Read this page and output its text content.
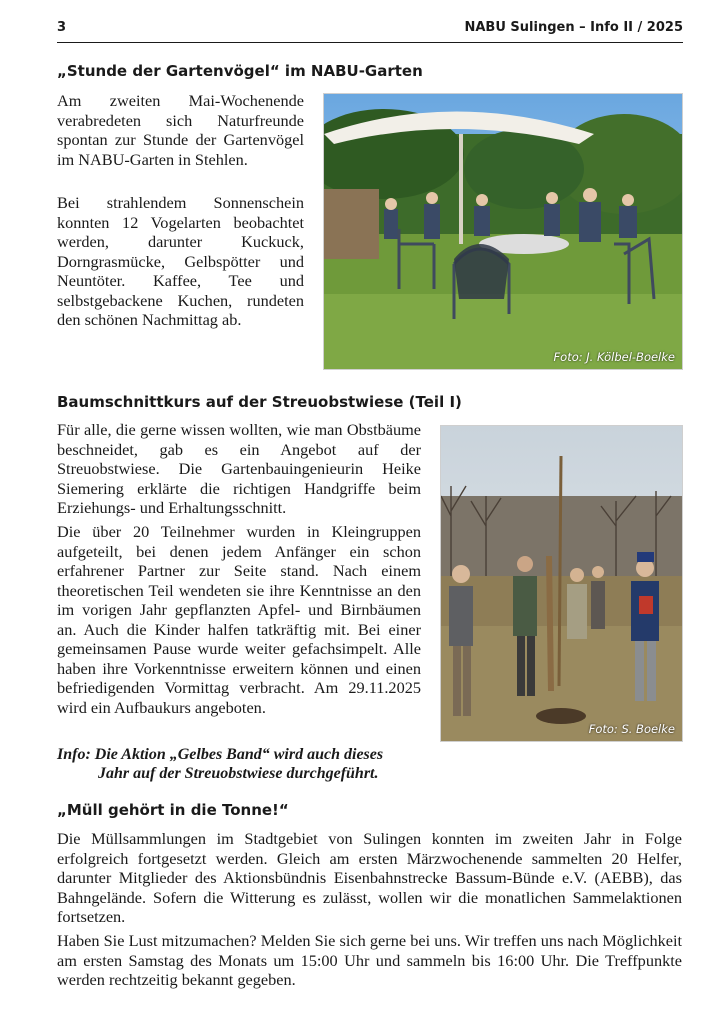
3	NABU Sulingen – Info II / 2025
„Stunde der Gartenvögel“ im NABU-Garten

Am zweiten Mai-Wochenende verabredeten sich Naturfreunde spontan zur Stunde der Gartenvögel im NABU-Garten in Stehlen.

Bei strahlendem Sonnenschein konnten 12 Vogelarten beobachtet werden, darunter Kuckuck, Dorngrasmücke, Gelbspötter und Neuntöter. Kaffee, Tee und selbstgebackene Kuchen, rundeten den schönen Nachmittag ab.

Foto: J. Kölbel-Boelke
Baumschnittkurs auf der Streuobstwiese (Teil I)

Für alle, die gerne wissen wollten, wie man Obstbäume beschneidet, gab es ein Angebot auf der Streuobstwiese. Die Gartenbauingenieurin Heike Siemering erklärte die richtigen Handgriffe beim Erziehungs- und Erhaltungsschnitt.

Die über 20 Teilnehmer wurden in Kleingruppen aufgeteilt, bei denen jedem Anfänger ein schon erfahrener Partner zur Seite stand. Nach einem theoretischen Teil wendeten sie ihre Kenntnisse an den im vorigen Jahr gepflanzten Apfel- und Birnbäumen an. Auch die Kinder halfen tatkräftig mit. Bei einer gemeinsamen Pause wurde weiter gefachsimpelt. Alle haben ihre Vorkenntnisse erweitern können und einen befriedigenden Vormittag verbracht. Am 29.11.2025 wird ein Aufbaukurs angeboten.

Info: Die Aktion „Gelbes Band“ wird auch dieses
Jahr auf der Streuobstwiese durchgeführt.
Foto: S. Boelke
„Müll gehört in die Tonne!“

Die Müllsammlungen im Stadtgebiet von Sulingen konnten im zweiten Jahr in Folge erfolgreich fortgesetzt werden. Gleich am ersten Märzwochenende sammelten 20 Helfer, darunter Mitglieder des Aktionsbündnis Eisenbahnstrecke Bassum-Bünde e.V. (AEBB), das Bahngelände. Sofern die Witterung es zulässt, wollen wir die monatlichen Sammelaktionen fortsetzen.

Haben Sie Lust mitzumachen? Melden Sie sich gerne bei uns. Wir treffen uns nach Möglichkeit am ersten Samstag des Monats um 15:00 Uhr und sammeln bis 16:00 Uhr. Die Treffpunkte werden rechtzeitig bekannt gegeben.
